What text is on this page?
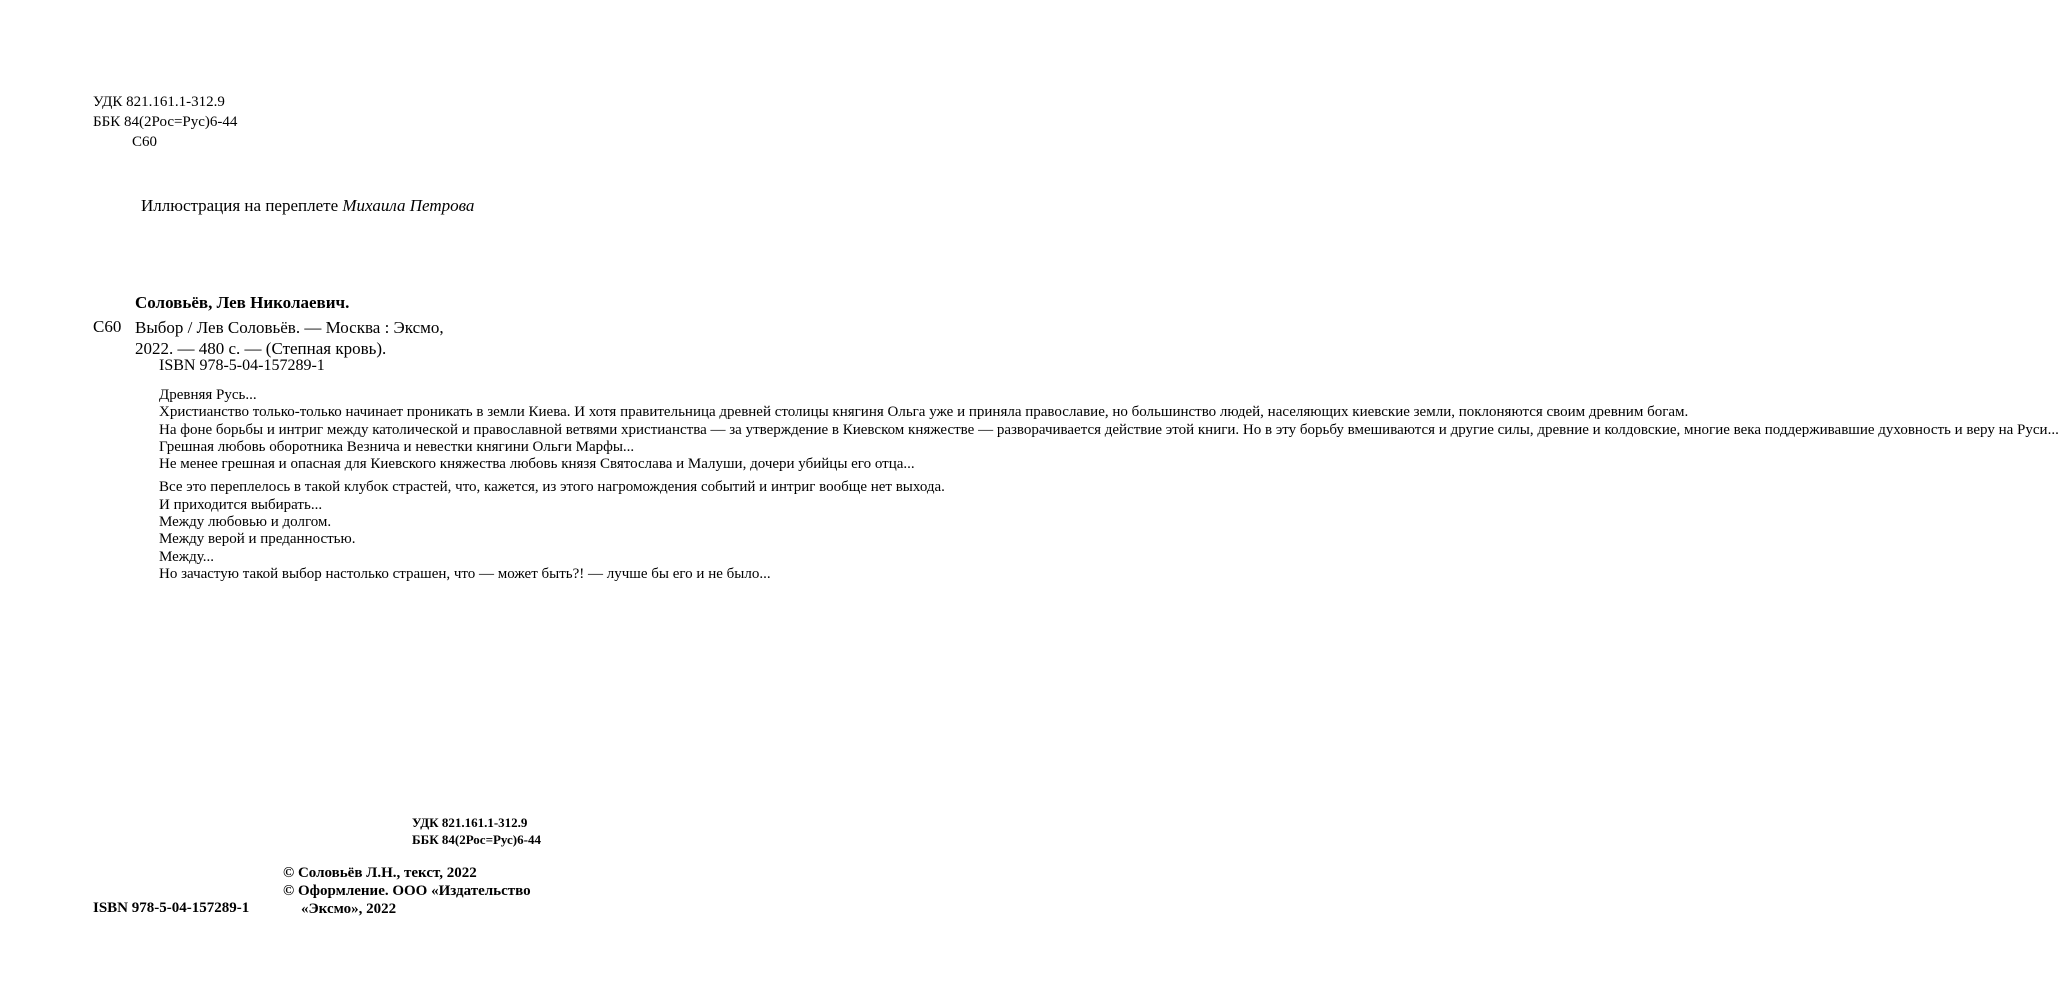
УДК 821.161.1-312.9
ББК 84(2Рос=Рус)6-44
С60
Иллюстрация на переплете Михаила Петрова
Соловьёв, Лев Николаевич.
С60 Выбор / Лев Соловьёв. — Москва : Эксмо,
2022. — 480 с. — (Степная кровь).
ISBN 978-5-04-157289-1

Древняя Русь...

Христианство только-только начинает проникать в земли Киева. И хотя правительница древней столицы княгиня Ольга уже и приняла православие, но большинство людей, населяющих киевские земли, поклоняются своим древним богам.

На фоне борьбы и интриг между католической и православной ветвями христианства — за утверждение в Киевском княжестве — разворачивается действие этой книги. Но в эту борьбу вмешиваются и другие силы, древние и колдовские, многие века поддерживавшие духовность и веру на Руси...

Грешная любовь оборотника Везнича и невестки княгини Ольги Марфы...

Не менее грешная и опасная для Киевского княжества любовь князя Святослава и Малуши, дочери убийцы его отца...

Все это переплелось в такой клубок страстей, что, кажется, из этого нагромождения событий и интриг вообще нет выхода.

И приходится выбирать...

Между любовью и долгом.

Между верой и преданностью.

Между...

Но зачастую такой выбор настолько страшен, что — может быть?! — лучше бы его и не было...

УДК 821.161.1-312.9
ББК 84(2Рос=Рус)6-44
© Соловьёв Л.Н., текст, 2022
© Оформление. ООО «Издательство
«Эксмо», 2022
ISBN 978-5-04-157289-1
